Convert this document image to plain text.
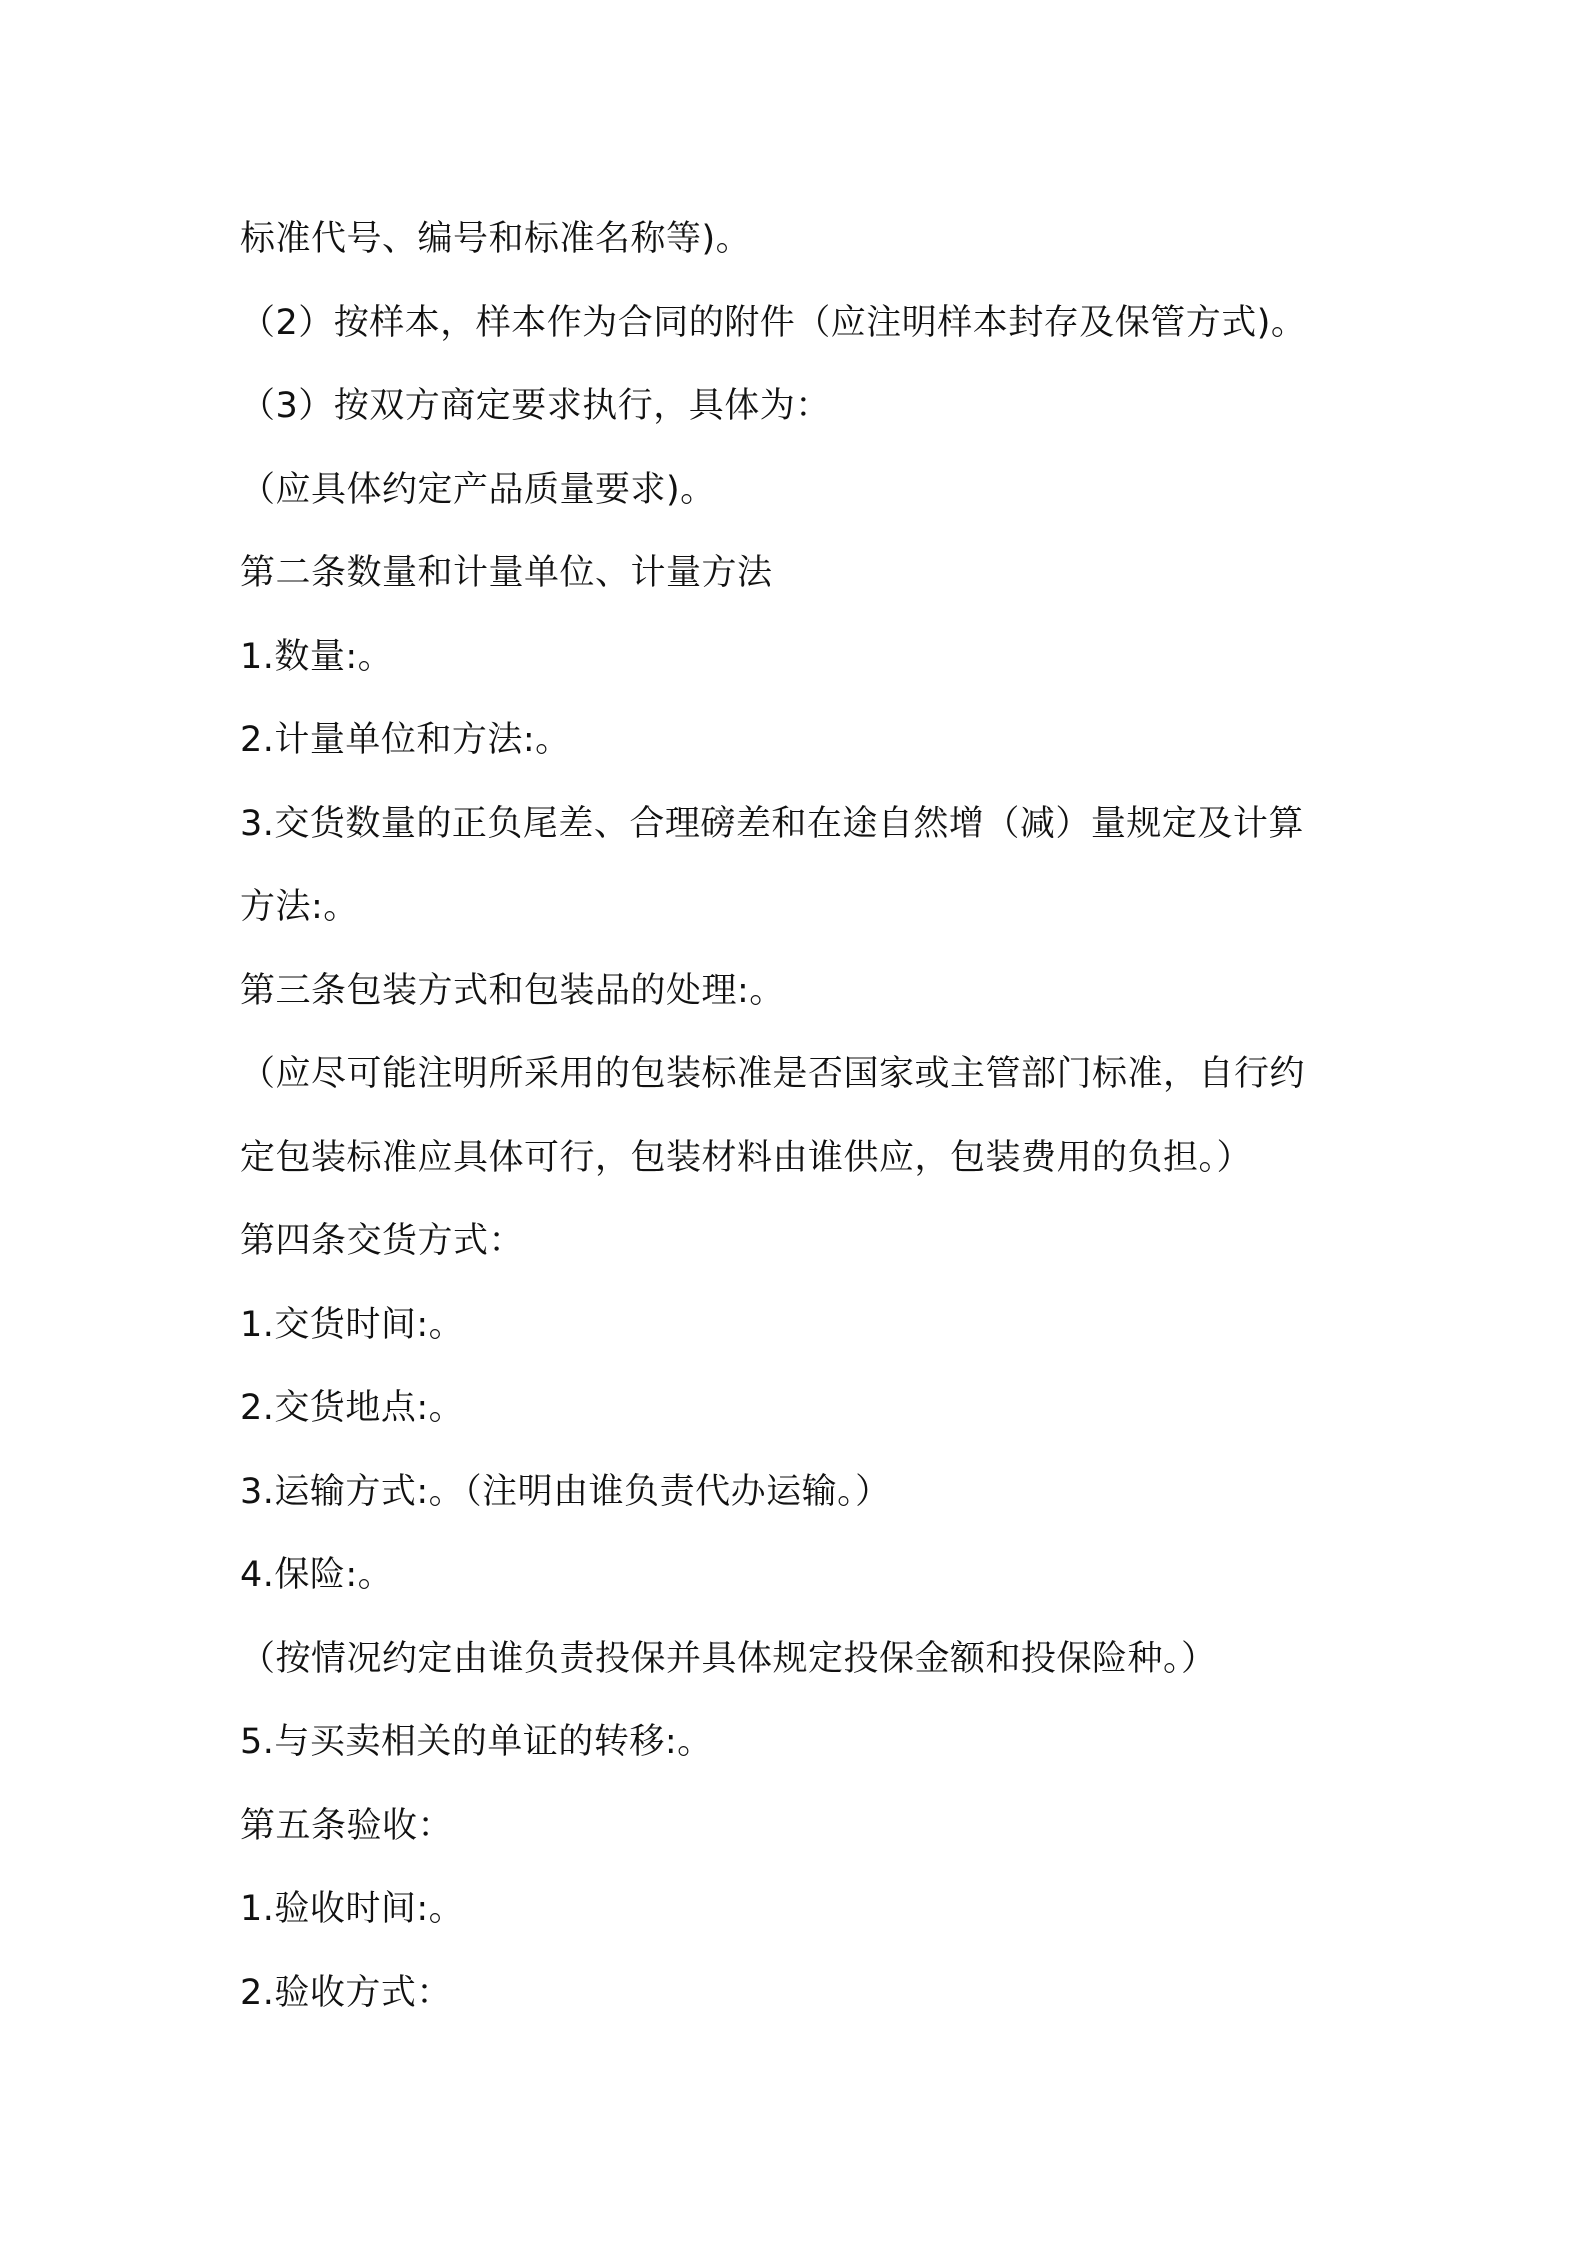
标准代号、编号和标准名称等)。
（2）按样本，样本作为合同的附件（应注明样本封存及保管方式)。
（3）按双方商定要求执行，具体为：
（应具体约定产品质量要求)。
第二条数量和计量单位、计量方法
1.数量:。
2.计量单位和方法:。
3.交货数量的正负尾差、合理磅差和在途自然增（减）量规定及计算
方法:。
第三条包装方式和包装品的处理:。
（应尽可能注明所采用的包装标准是否国家或主管部门标准，自行约
定包装标准应具体可行，包装材料由谁供应，包装费用的负担。）
第四条交货方式：
1.交货时间:。
2.交货地点:。
3.运输方式:。（注明由谁负责代办运输。）
4.保险:。
（按情况约定由谁负责投保并具体规定投保金额和投保险种。）
5.与买卖相关的单证的转移:。
第五条验收：
1.验收时间:。
2.验收方式：
